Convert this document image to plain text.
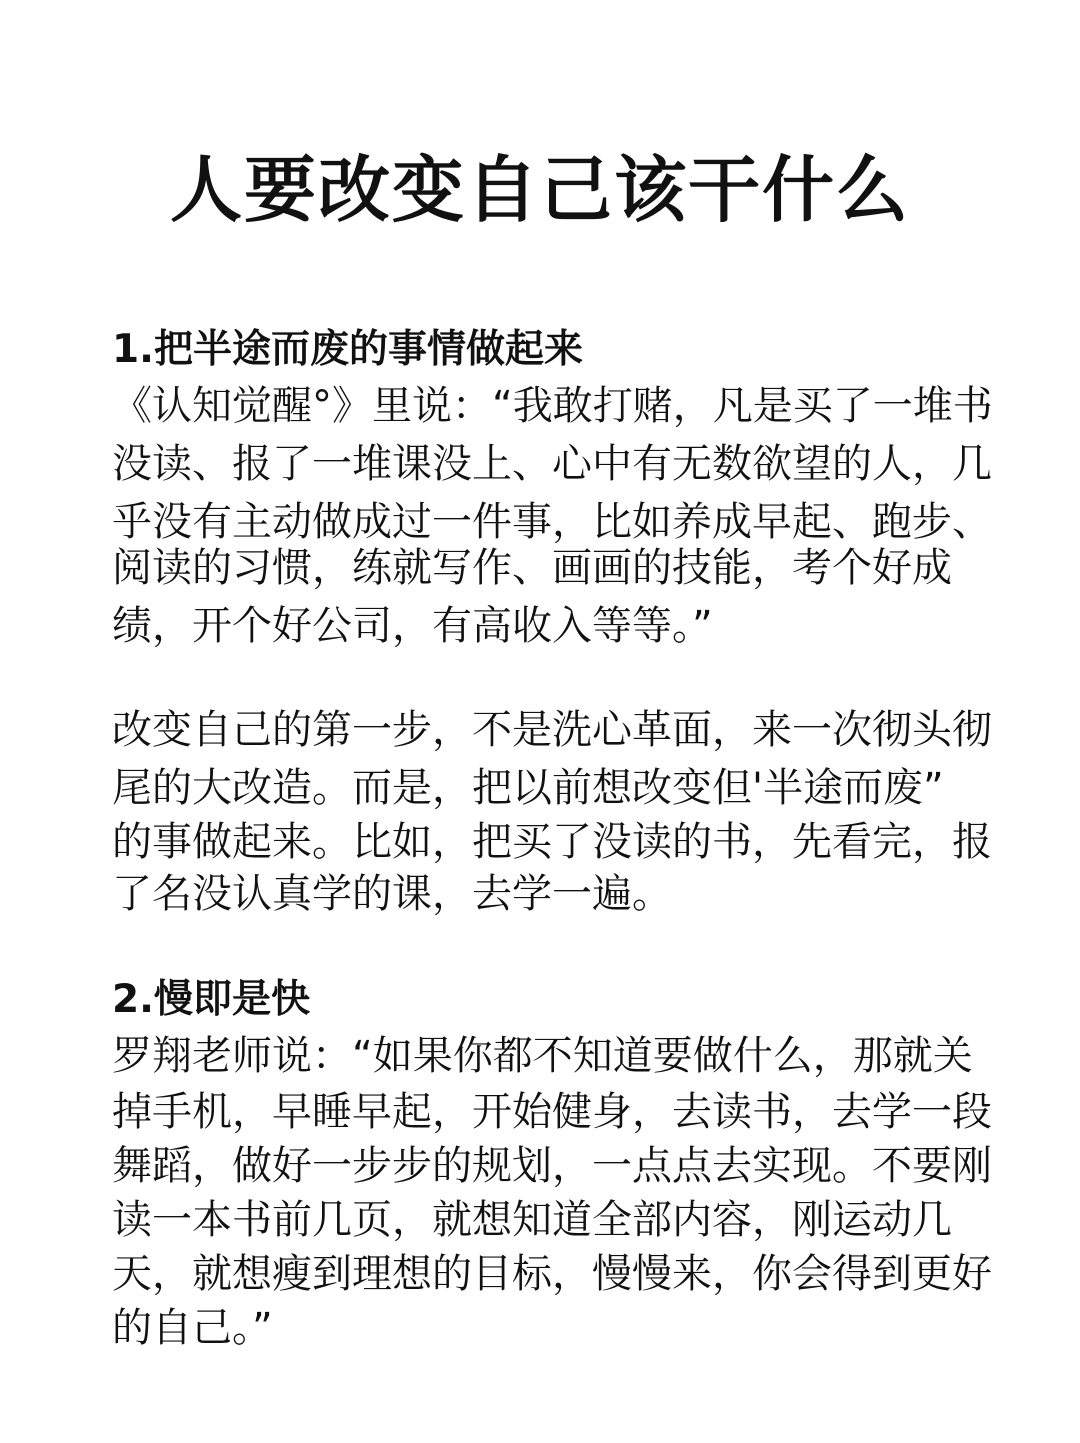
人要改变自己该干什么
1.把半途而废的事情做起来
《认知觉醒°》里说：“我敢打赌，凡是买了一堆书
没读、报了一堆课没上、心中有无数欲望的人，几
乎没有主动做成过一件事，比如养成早起、跑步、
阅读的习惯，练就写作、画画的技能，考个好成
绩，开个好公司，有高收入等等。”
改变自己的第一步，不是洗心革面，来一次彻头彻
尾的大改造。而是，把以前想改变但'半途而废”
的事做起来。比如，把买了没读的书，先看完，报
了名没认真学的课，去学一遍。
2.慢即是快
罗翔老师说：“如果你都不知道要做什么，那就关
掉手机，早睡早起，开始健身，去读书，去学一段
舞蹈，做好一步步的规划，一点点去实现。不要刚
读一本书前几页，就想知道全部内容，刚运动几
天，就想瘦到理想的目标，慢慢来，你会得到更好
的自己。”
